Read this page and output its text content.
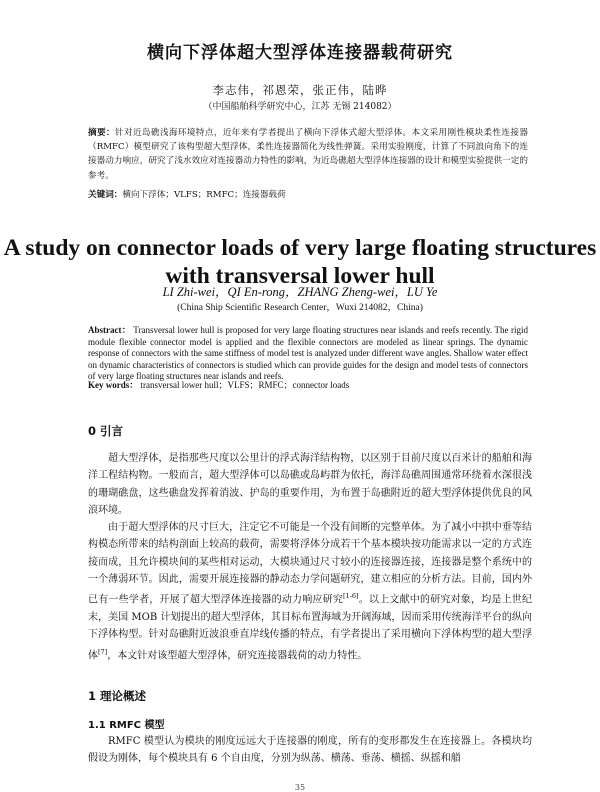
横向下浮体超大型浮体连接器载荷研究
李志伟，祁恩荣，张正伟，陆晔
（中国船舶科学研究中心，江苏 无锡 214082）
摘要：针对近岛礁浅海环境特点，近年来有学者提出了横向下浮体式超大型浮体。本文采用刚性模块柔性连接器（RMFC）模型研究了该构型超大型浮体，柔性连接器简化为线性弹簧。采用实验刚度，计算了不同浪向角下的连接器动力响应，研究了浅水效应对连接器动力特性的影响，为近岛礁超大型浮体连接器的设计和模型实验提供一定的参考。
关键词：横向下浮体；VLFS；RMFC；连接器载荷
A study on connector loads of very large floating structures with transversal lower hull
LI Zhi-wei，QI En-rong，ZHANG Zheng-wei，LU Ye
(China Ship Scientific Research Center，Wuxi 214082，China)
Abstract： Transversal lower hull is proposed for very large floating structures near islands and reefs recently. The rigid module flexible connector model is applied and the flexible connectors are modeled as linear springs. The dynamic response of connectors with the same stiffness of model test is analyzed under different wave angles. Shallow water effect on dynamic characteristics of connectors is studied which can provide guides for the design and model tests of connectors of very large floating structures near islands and reefs.
Key words： transversal lower hull；VLFS；RMFC；connector loads
0 引言

超大型浮体，是指那些尺度以公里计的浮式海洋结构物，以区别于目前尺度以百米计的船舶和海洋工程结构物。一般而言，超大型浮体可以岛礁或岛屿群为依托，海洋岛礁周围通常环绕着水深很浅的珊瑚礁盘，这些礁盘发挥着消波、护岛的重要作用，为布置于岛礁附近的超大型浮体提供优良的风浪环境。

由于超大型浮体的尺寸巨大，注定它不可能是一个没有间断的完整单体。为了减小中拱中垂等结构模态所带来的结构剖面上较高的载荷，需要将浮体分成若干个基本模块按功能需求以一定的方式连接而成，且允许模块间的某些相对运动，大模块通过尺寸较小的连接器连接，连接器是整个系统中的一个薄弱环节。因此，需要开展连接器的静动态力学问题研究，建立相应的分析方法。目前，国内外已有一些学者，开展了超大型浮体连接器的动力响应研究[1-6]。以上文献中的研究对象，均是上世纪末，美国 MOB 计划提出的超大型浮体，其目标布置海域为开阔海域，因而采用传统海洋平台的纵向下浮体构型。针对岛礁附近波浪垂直岸线传播的特点，有学者提出了采用横向下浮体构型的超大型浮体[7]，本文针对该型超大型浮体，研究连接器载荷的动力特性。

1 理论概述
1.1 RMFC 模型

RMFC 模型认为模块的刚度远远大于连接器的刚度，所有的变形都发生在连接器上。各模块均假设为刚体，每个模块具有 6 个自由度，分别为纵荡、横荡、垂荡、横摇、纵摇和艏

35
